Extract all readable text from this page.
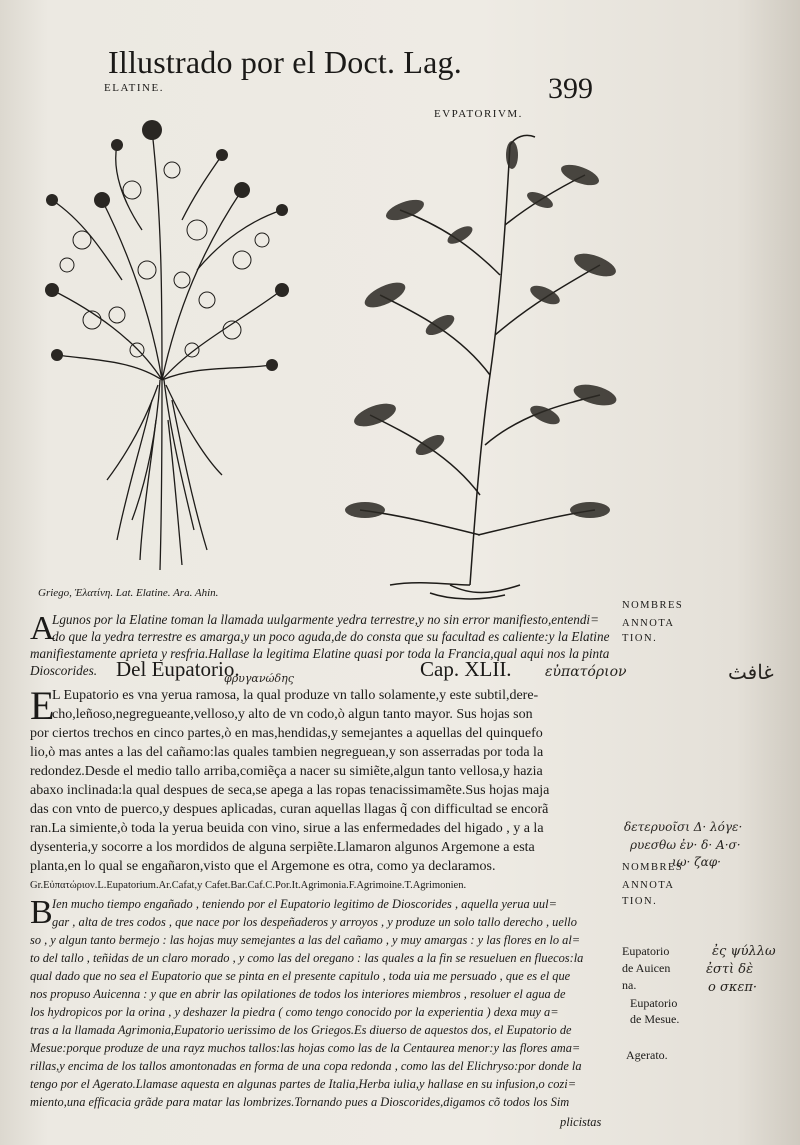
Illustrado por el Doct. Lag.
399
ELATINE.
EVPATORIVM.
Griego, Ἐλατίνη. Lat. Elatine. Ara. Ahin.
A
Lgunos por la Elatine toman la llamada uulgarmente yedra terrestre,y no sin error manifiesto,entendi=
do que la yedra terrestre es amarga,y un poco aguda,de do consta que su facultad es caliente:y la Elatine
manifiestamente aprieta y resfria.Hallase la legitima Elatine quasi por toda la Francia,qual aqui nos la pinta
Dioscorides. Del Eupatorio.
φρυγανώδης	Cap. XLII. εὐπατόριον	غافث
E
L Eupatorio es vna yerua ramosa, la qual produze vn tallo solamente,y este subtil,dere-
cho,leñoso,negregueante,velloso,y alto de vn codo,ò algun tanto mayor. Sus hojas son
por ciertos trechos en cinco partes,ò en mas,hendidas,y semejantes a aquellas del quinquefo
lio,ò mas antes a las del cañamo:las quales tambien negreguean,y son asserradas por toda la
redondez.Desde el medio tallo arriba,comiẽça a nacer su simiẽte,algun tanto vellosa,y hazia
abaxo inclinada:la qual despues de seca,se apega a las ropas tenacissimamẽte.Sus hojas maja
das con vnto de puerco,y despues aplicadas, curan aquellas llagas q̃ con difficultad se encorã
ran.La simiente,ò toda la yerua beuida con vino, sirue a las enfermedades del higado , y a la
dysenteria,y socorre a los mordidos de alguna serpiẽte.Llamaron algunos Argemone a esta
planta,en lo qual se engañaron,visto que el Argemone es otra, como ya declaramos.
Gr.Εὐπατώριον.L.Eupatorium.Ar.Cafat,y Cafet.Bar.Caf.C.Por.It.Agrimonia.F.Agrimoine.T.Agrimonien.
B Ien mucho tiempo engañado , teniendo por el Eupatorio legitimo de Dioscorides , aquella yerua uul=
gar , alta de tres codos , que nace por los despeñaderos y arroyos , y produze un solo tallo derecho , uello
so , y algun tanto bermejo : las hojas muy semejantes a las del cañamo , y muy amargas : y las flores en lo al=
to del tallo , teñidas de un claro morado , y como las del oregano : las quales a la fin se resueluen en fluecos:la
qual dado que no sea el Eupatorio que se pinta en el presente capitulo , toda uia me persuado , que es el que
nos propuso Auicenna : y que en abrir las opilationes de todos los interiores miembros , resoluer el agua de
los hydropicos por la orina , y deshazer la piedra ( como tengo conocido por la experientia ) dexa muy a=
tras a la llamada Agrimonia,Eupatorio uerissimo de los Griegos.Es diuerso de aquestos dos, el Eupatorio de
Mesue:porque produze de una rayz muchos tallos:las hojas como las de la Centaurea menor:y las flores ama=
rillas,y encima de los tallos amontonadas en forma de una copa redonda , como las del Elichryso:por donde la
tengo por el Agerato.Llamase aquesta en algunas partes de Italia,Herba iulia,y hallase en su infusion,o cozi=
miento,una efficacia grãde para matar las lombrizes.Tornando pues a Dioscorides,digamos cõ todos los Sim
plicistas
NOMBRES
ANNOTA
TION.
NOMBRES
ANNOTA
TION.
Eupatorio
de Auicen
na.
Eupatorio
de Mesue.
Agerato.
δετερυοῖσι Δ· λόγε·
ρυεσθω ἐν· δ· Α·σ·
ιω· ζαφ·
ἐς ψύλλω
ἐστὶ δὲ
ο σκεπ·
